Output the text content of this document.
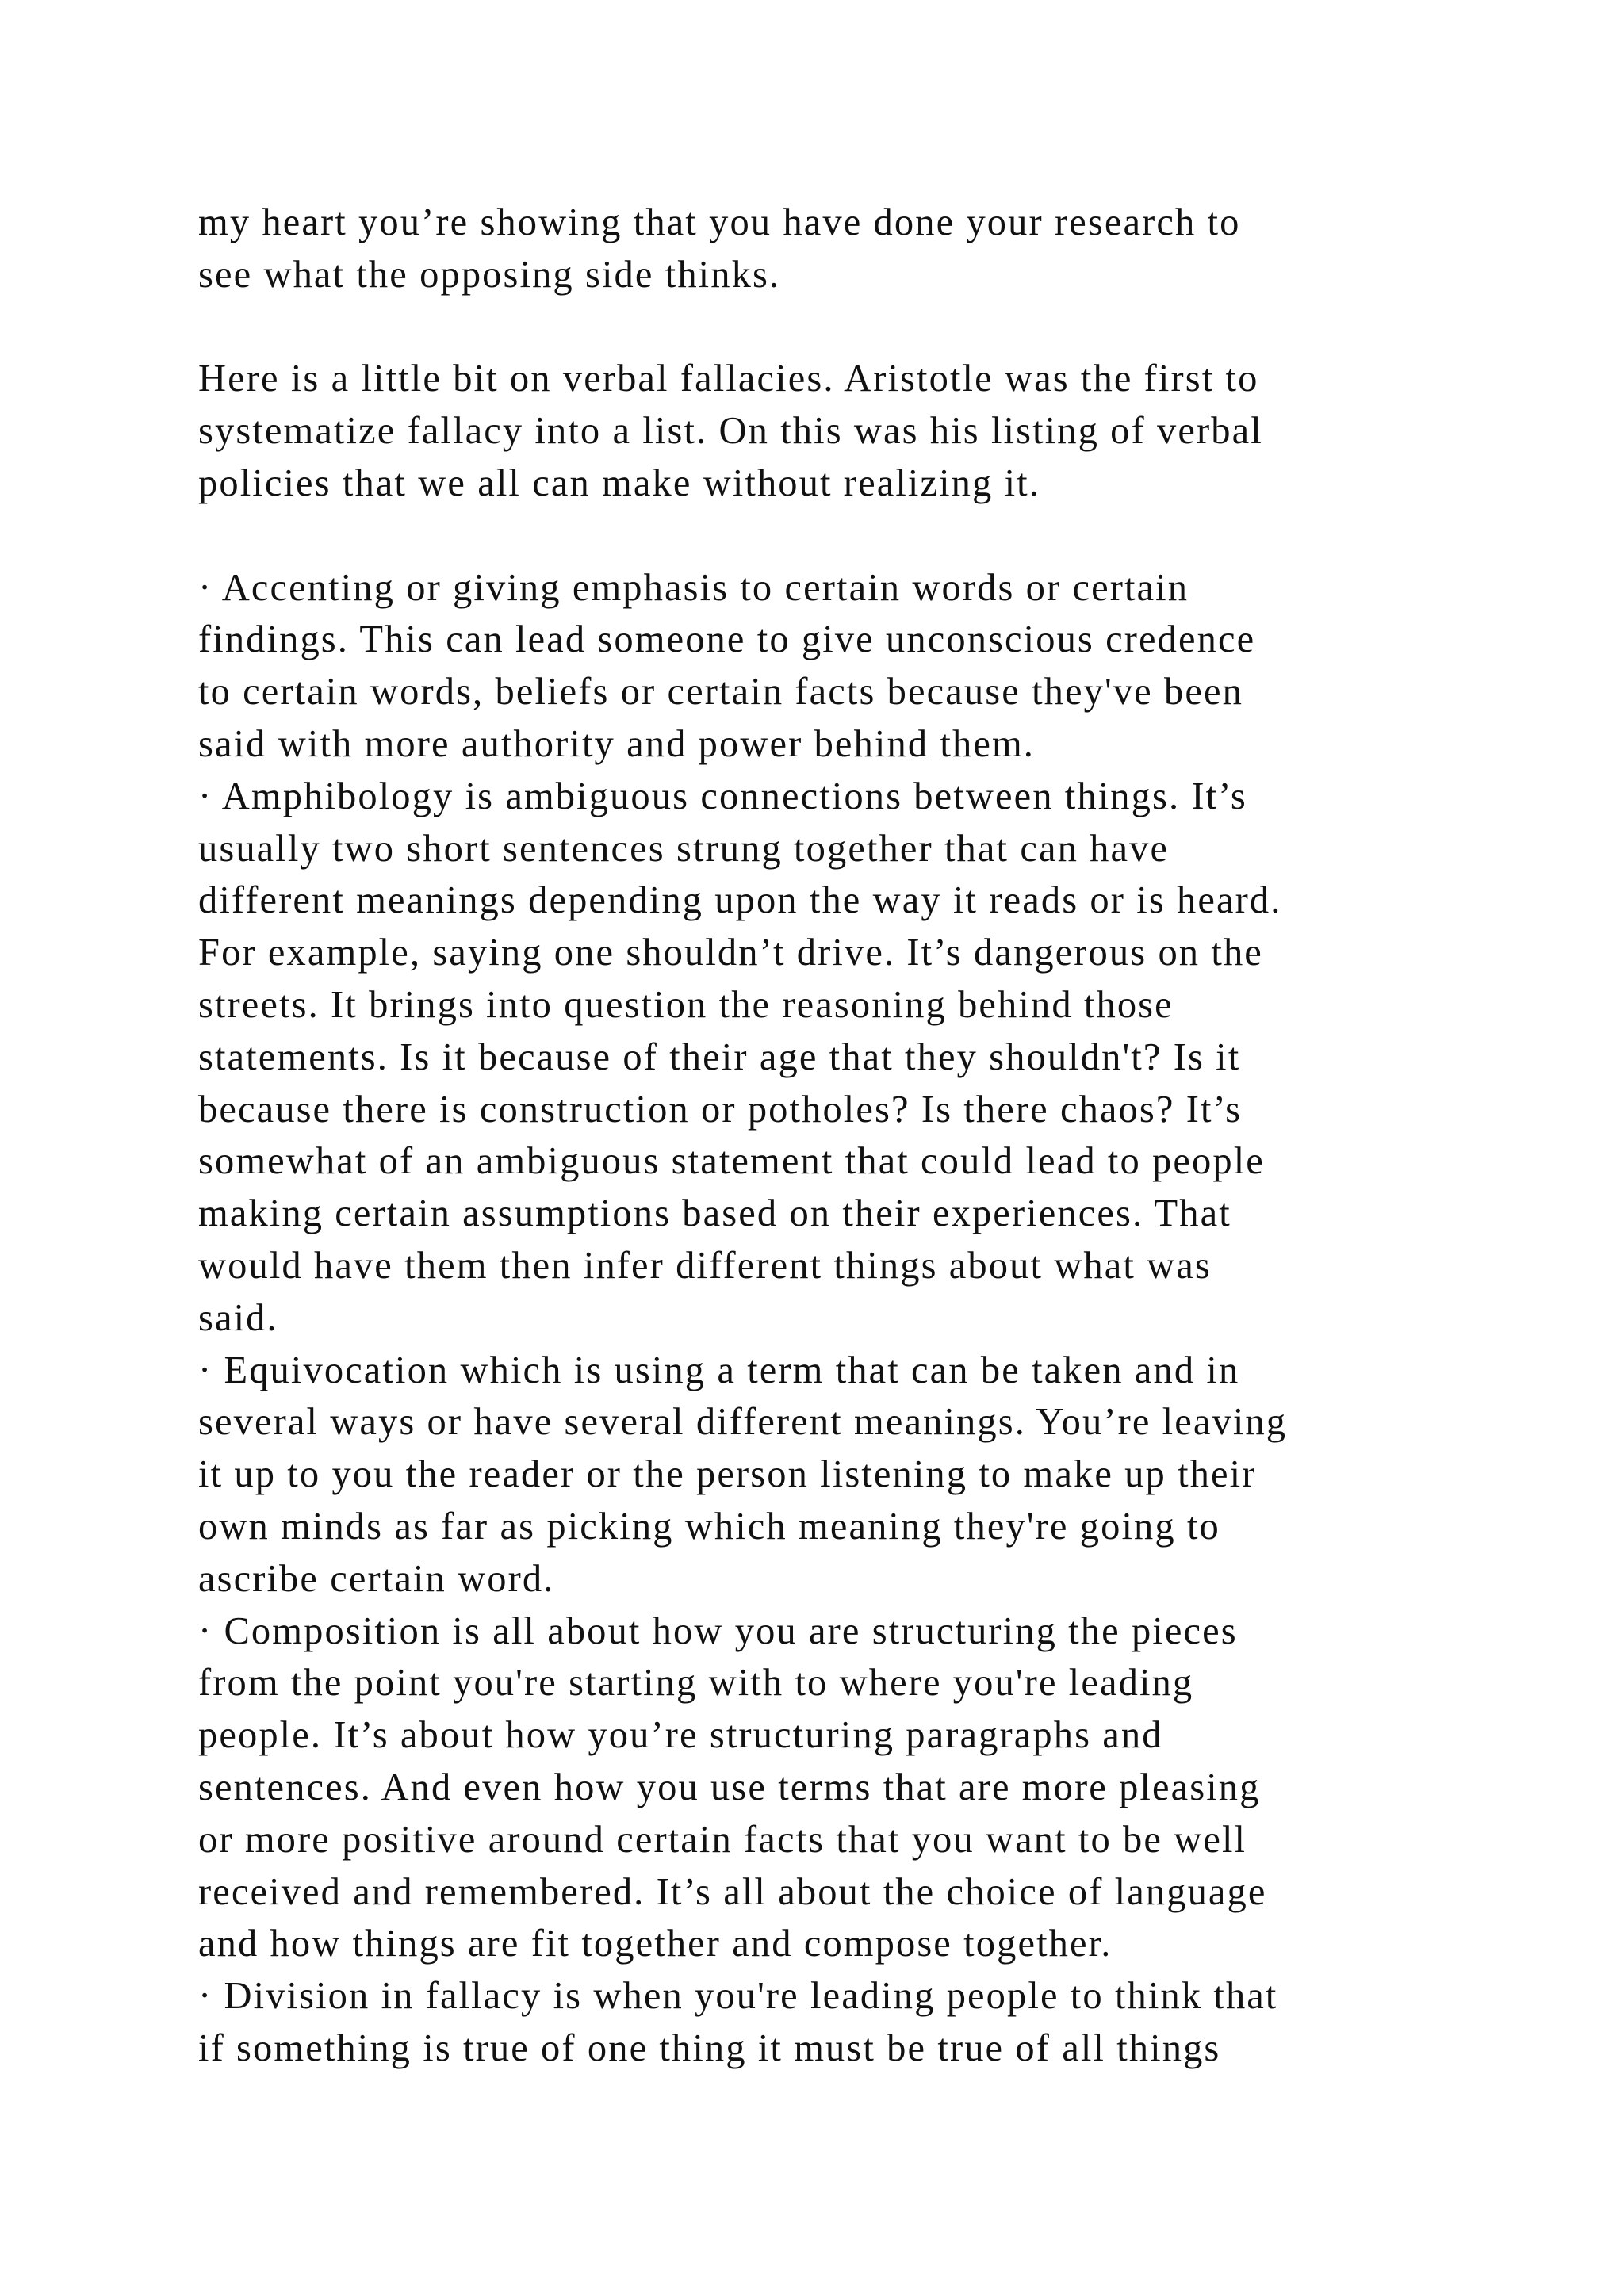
my heart you’re showing that you have done your research to
see what the opposing side thinks.
Here is a little bit on verbal fallacies. Aristotle was the first to
systematize fallacy into a list. On this was his listing of verbal
policies that we all can make without realizing it.
· Accenting or giving emphasis to certain words or certain
findings. This can lead someone to give unconscious credence
to certain words, beliefs or certain facts because they've been
said with more authority and power behind them.
· Amphibology is ambiguous connections between things. It’s
usually two short sentences strung together that can have
different meanings depending upon the way it reads or is heard.
For example, saying one shouldn’t drive. It’s dangerous on the
streets. It brings into question the reasoning behind those
statements. Is it because of their age that they shouldn't? Is it
because there is construction or potholes? Is there chaos? It’s
somewhat of an ambiguous statement that could lead to people
making certain assumptions based on their experiences. That
would have them then infer different things about what was
said.
· Equivocation which is using a term that can be taken and in
several ways or have several different meanings. You’re leaving
it up to you the reader or the person listening to make up their
own minds as far as picking which meaning they're going to
ascribe certain word.
· Composition is all about how you are structuring the pieces
from the point you're starting with to where you're leading
people. It’s about how you’re structuring paragraphs and
sentences. And even how you use terms that are more pleasing
or more positive around certain facts that you want to be well
received and remembered. It’s all about the choice of language
and how things are fit together and compose together.
· Division in fallacy is when you're leading people to think that
if something is true of one thing it must be true of all things
